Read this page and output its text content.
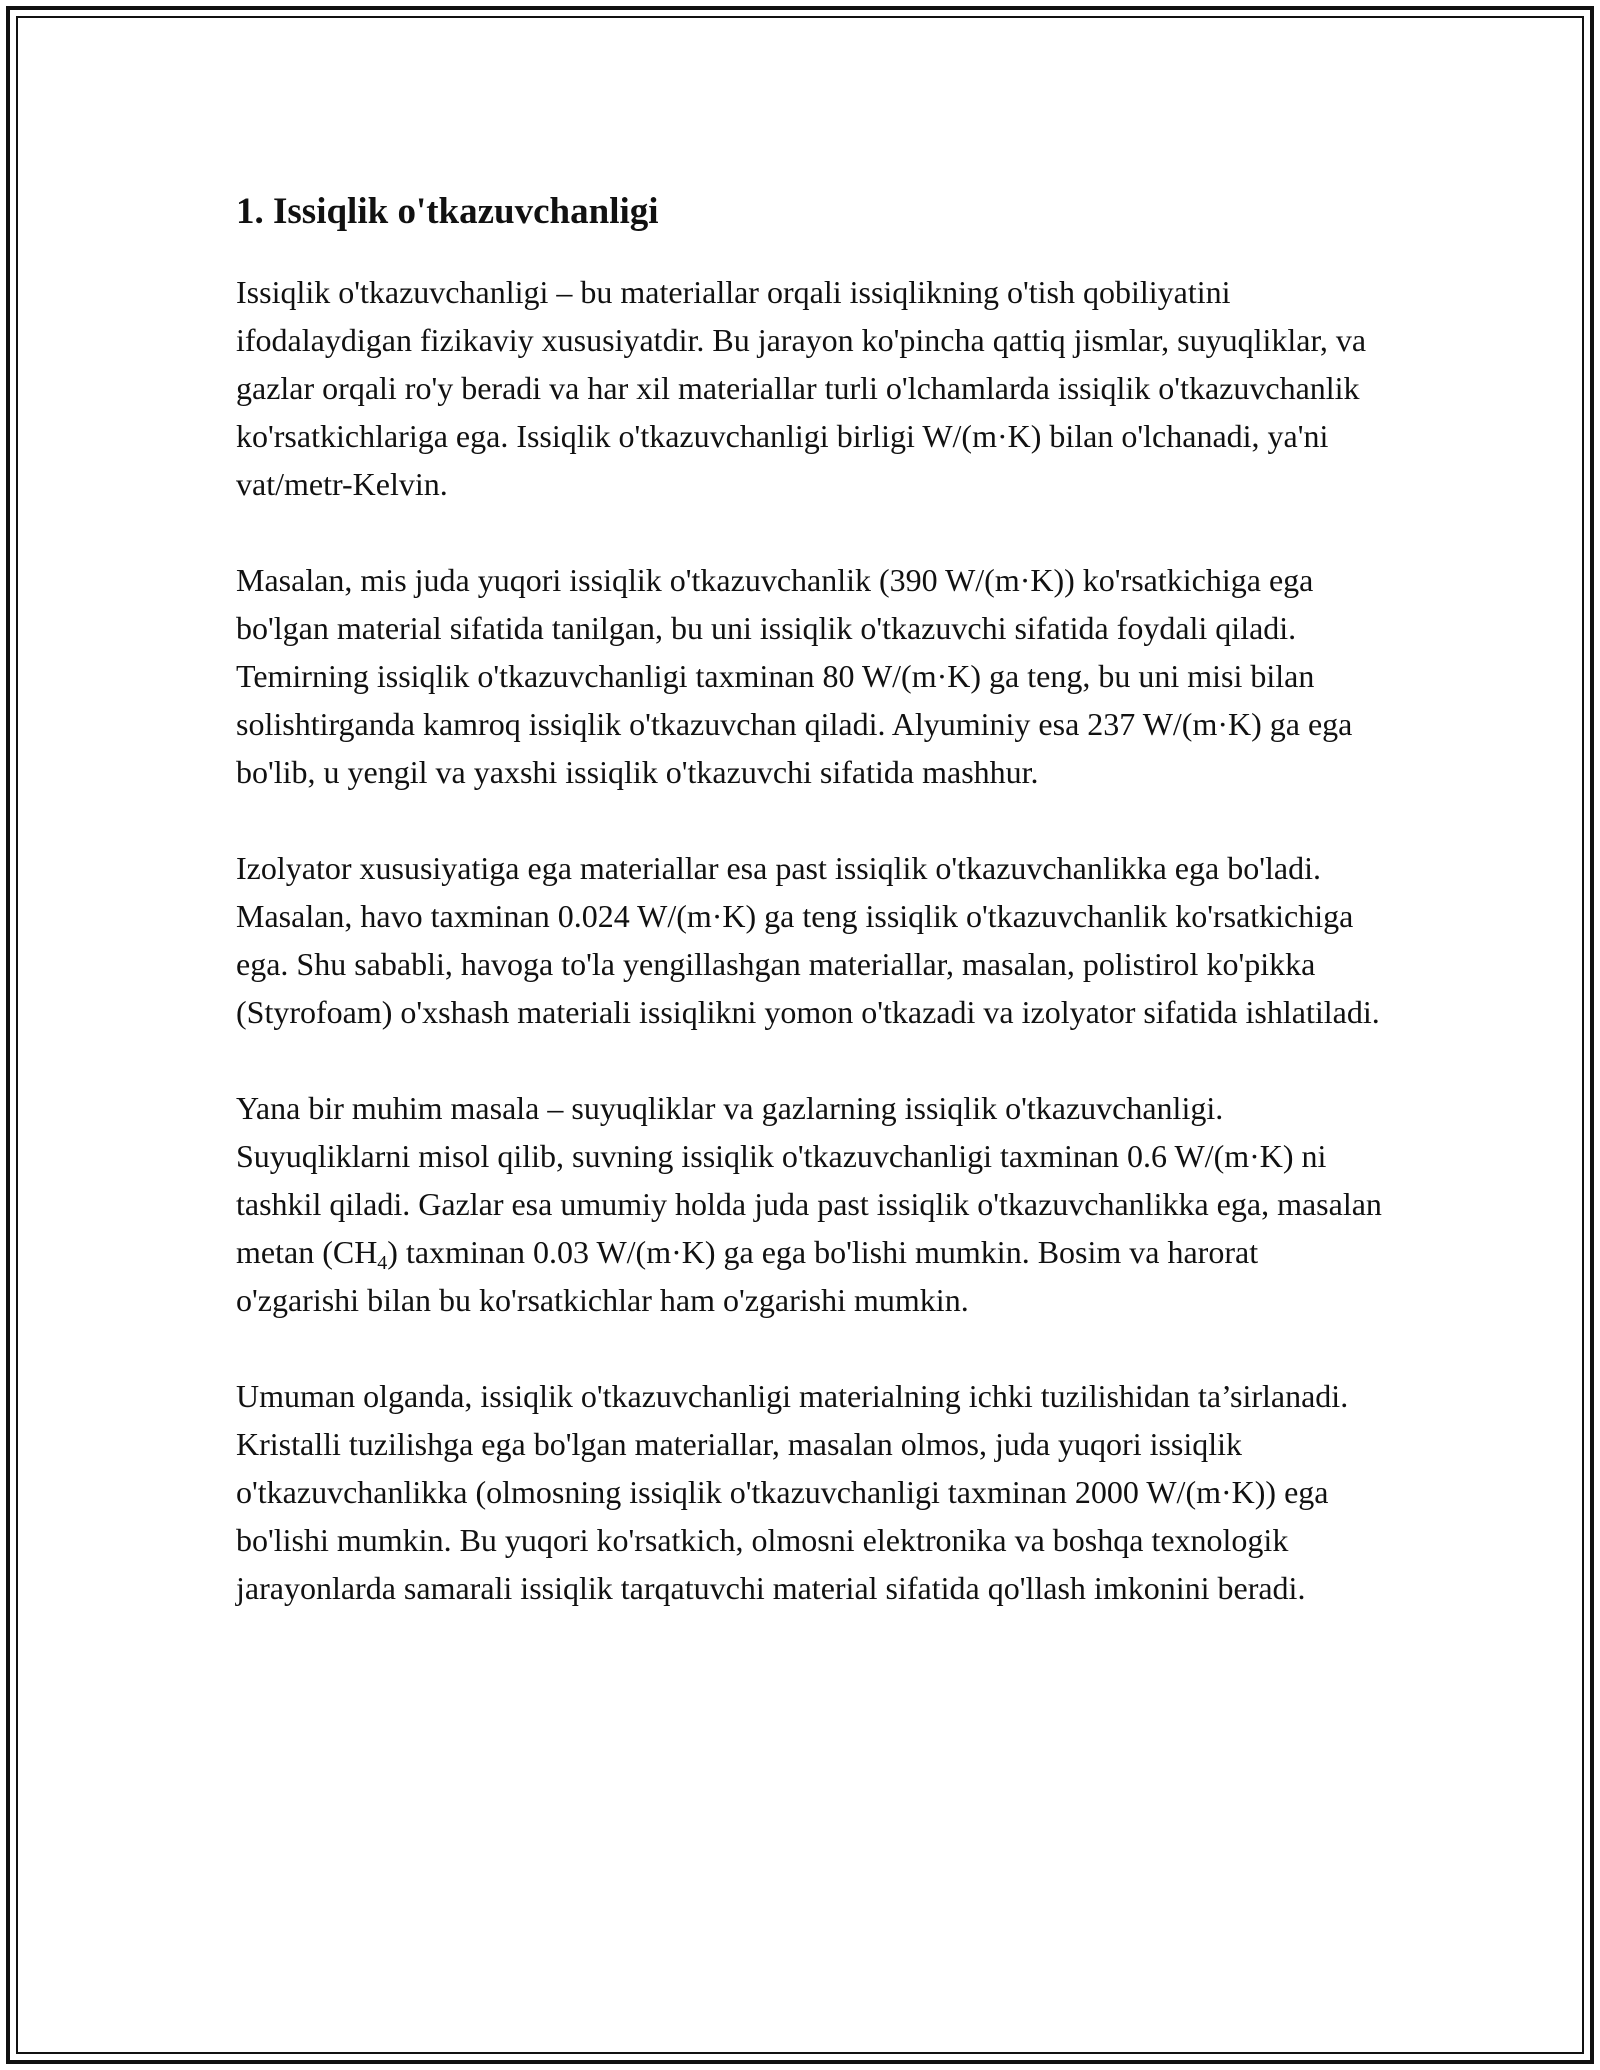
1. Issiqlik o'tkazuvchanligi

Issiqlik o'tkazuvchanligi – bu materiallar orqali issiqlikning o'tish qobiliyatini ifodalaydigan fizikaviy xususiyatdir. Bu jarayon ko'pincha qattiq jismlar, suyuqliklar, va gazlar orqali ro'y beradi va har xil materiallar turli o'lchamlarda issiqlik o'tkazuvchanlik ko'rsatkichlariga ega. Issiqlik o'tkazuvchanligi birligi W/(m·K) bilan o'lchanadi, ya'ni vat/metr-Kelvin.

Masalan, mis juda yuqori issiqlik o'tkazuvchanlik (390 W/(m·K)) ko'rsatkichiga ega bo'lgan material sifatida tanilgan, bu uni issiqlik o'tkazuvchi sifatida foydali qiladi. Temirning issiqlik o'tkazuvchanligi taxminan 80 W/(m·K) ga teng, bu uni misi bilan solishtirganda kamroq issiqlik o'tkazuvchan qiladi. Alyuminiy esa 237 W/(m·K) ga ega bo'lib, u yengil va yaxshi issiqlik o'tkazuvchi sifatida mashhur.

Izolyator xususiyatiga ega materiallar esa past issiqlik o'tkazuvchanlikka ega bo'ladi. Masalan, havo taxminan 0.024 W/(m·K) ga teng issiqlik o'tkazuvchanlik ko'rsatkichiga ega. Shu sababli, havoga to'la yengillashgan materiallar, masalan, polistirol ko'pikka (Styrofoam) o'xshash materiali issiqlikni yomon o'tkazadi va izolyator sifatida ishlatiladi.

Yana bir muhim masala – suyuqliklar va gazlarning issiqlik o'tkazuvchanligi. Suyuqliklarni misol qilib, suvning issiqlik o'tkazuvchanligi taxminan 0.6 W/(m·K) ni tashkil qiladi. Gazlar esa umumiy holda juda past issiqlik o'tkazuvchanlikka ega, masalan metan $(CH_4)$ taxminan 0.03 W/(m·K) ga ega bo'lishi mumkin. Bosim va harorat o'zgarishi bilan bu ko'rsatkichlar ham o'zgarishi mumkin.

Umuman olganda, issiqlik o'tkazuvchanligi materialning ichki tuzilishidan ta’sirlanadi. Kristalli tuzilishga ega bo'lgan materiallar, masalan olmos, juda yuqori issiqlik o'tkazuvchanlikka (olmosning issiqlik o'tkazuvchanligi taxminan 2000 W/(m·K)) ega bo'lishi mumkin. Bu yuqori ko'rsatkich, olmosni elektronika va boshqa texnologik jarayonlarda samarali issiqlik tarqatuvchi material sifatida qo'llash imkonini beradi.
